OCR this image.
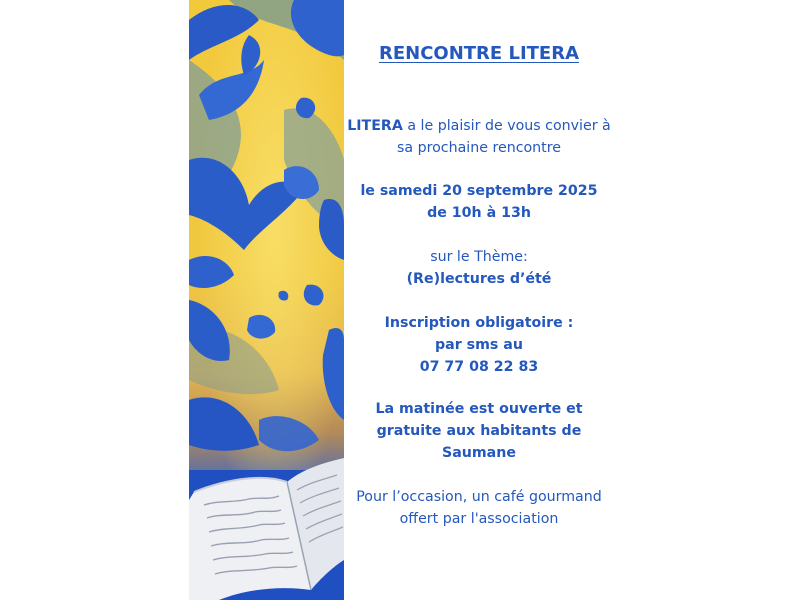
RENCONTRE LITERA

LITERA a le plaisir de vous convier à
sa prochaine rencontre

le samedi 20 septembre 2025
de 10h à 13h

sur le Thème:
(Re)lectures d’été

Inscription obligatoire :
par sms au
07 77 08 22 83

La matinée est ouverte et
gratuite aux habitants de
Saumane

Pour l’occasion, un café gourmand
offert par l'association
